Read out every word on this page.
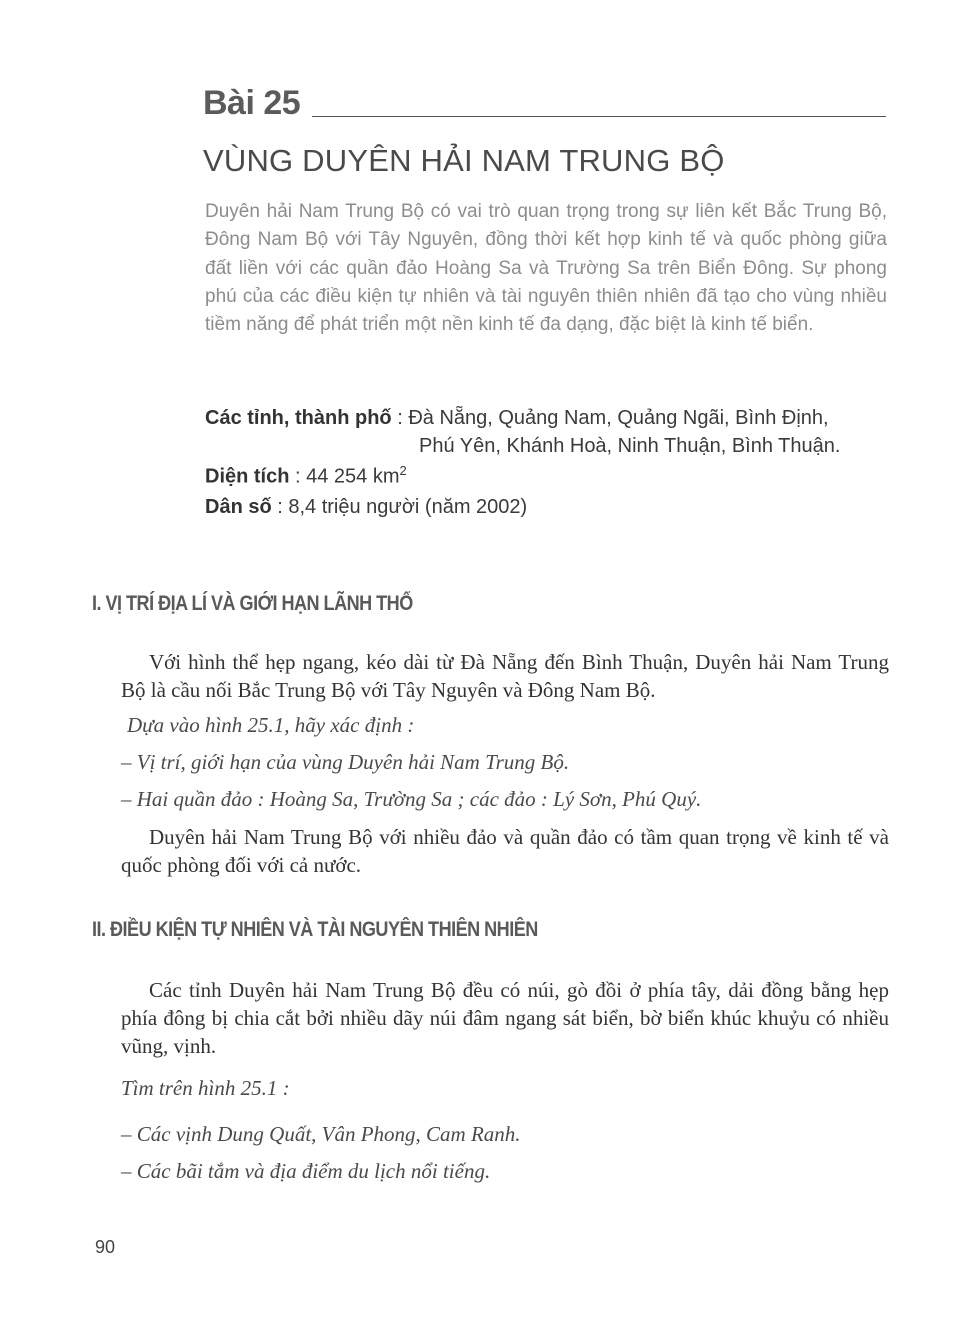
Bài 25
VÙNG DUYÊN HẢI NAM TRUNG BỘ
Duyên hải Nam Trung Bộ có vai trò quan trọng trong sự liên kết Bắc Trung Bộ, Đông Nam Bộ với Tây Nguyên, đồng thời kết hợp kinh tế và quốc phòng giữa đất liền với các quần đảo Hoàng Sa và Trường Sa trên Biển Đông. Sự phong phú của các điều kiện tự nhiên và tài nguyên thiên nhiên đã tạo cho vùng nhiều tiềm năng để phát triển một nền kinh tế đa dạng, đặc biệt là kinh tế biển.
Các tỉnh, thành phố : Đà Nẵng, Quảng Nam, Quảng Ngãi, Bình Định,
Phú Yên, Khánh Hoà, Ninh Thuận, Bình Thuận.
Diện tích : 44 254 $km^2$
Dân số : 8,4 triệu người (năm 2002)
I. VỊ TRÍ ĐỊA LÍ VÀ GIỚI HẠN LÃNH THỔ
Với hình thể hẹp ngang, kéo dài từ Đà Nẵng đến Bình Thuận, Duyên hải Nam Trung Bộ là cầu nối Bắc Trung Bộ với Tây Nguyên và Đông Nam Bộ.
Dựa vào hình 25.1, hãy xác định :
– Vị trí, giới hạn của vùng Duyên hải Nam Trung Bộ.
– Hai quần đảo : Hoàng Sa, Trường Sa ; các đảo : Lý Sơn, Phú Quý.
Duyên hải Nam Trung Bộ với nhiều đảo và quần đảo có tầm quan trọng về kinh tế và quốc phòng đối với cả nước.
II. ĐIỀU KIỆN TỰ NHIÊN VÀ TÀI NGUYÊN THIÊN NHIÊN
Các tỉnh Duyên hải Nam Trung Bộ đều có núi, gò đồi ở phía tây, dải đồng bằng hẹp phía đông bị chia cắt bởi nhiều dãy núi đâm ngang sát biển, bờ biển khúc khuỷu có nhiều vũng, vịnh.
Tìm trên hình 25.1 :
– Các vịnh Dung Quất, Vân Phong, Cam Ranh.
– Các bãi tắm và địa điểm du lịch nổi tiếng.
90
